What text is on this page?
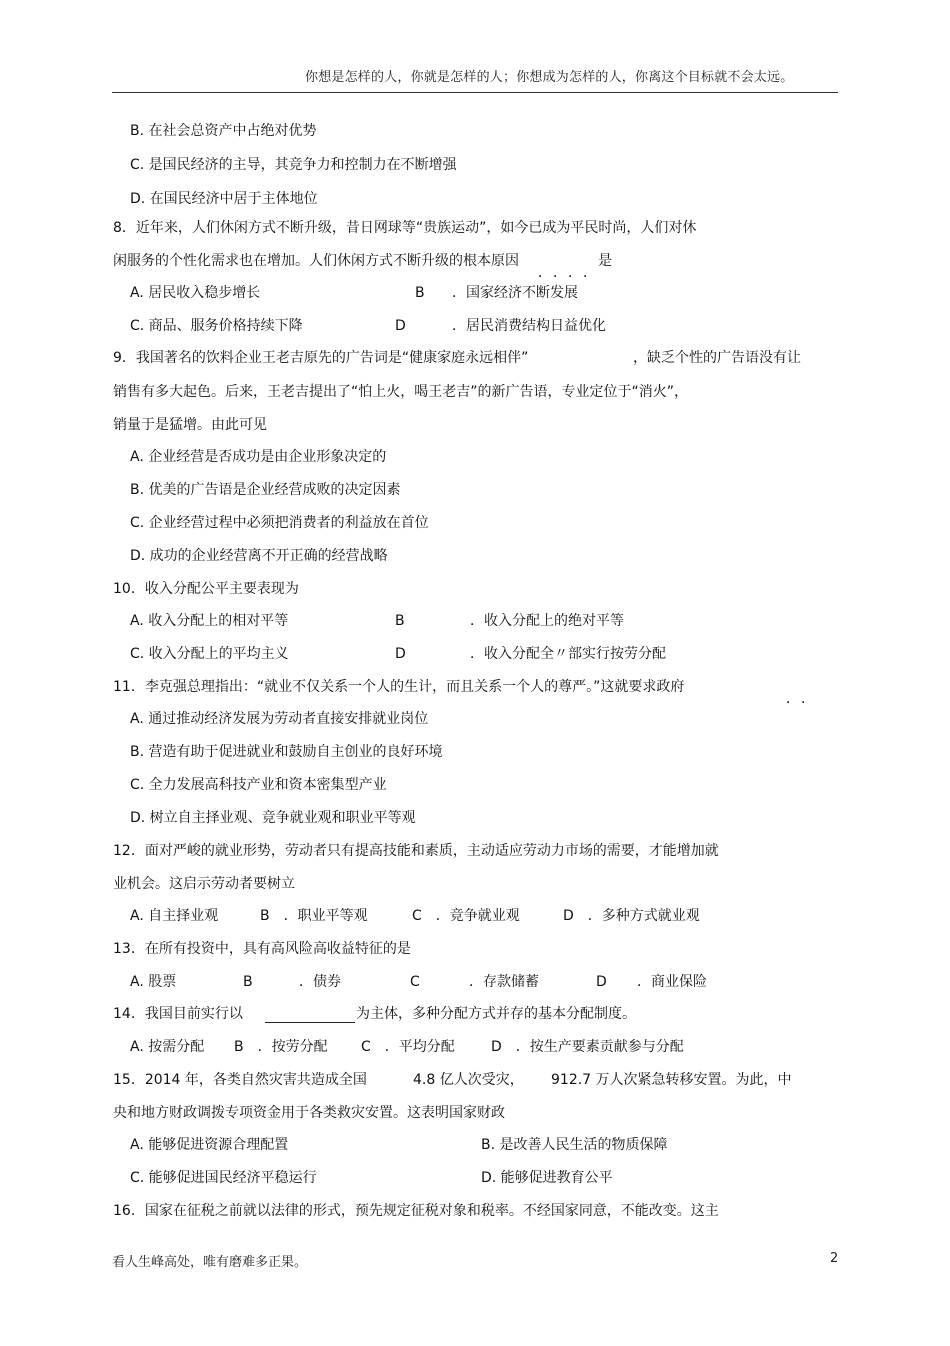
你想是怎样的人，你就是怎样的人；你想成为怎样的人，你离这个目标就不会太远。
B. 在社会总资产中占绝对优势
C. 是国民经济的主导，其竞争力和控制力在不断增强
D. 在国民经济中居于主体地位
8．近年来，人们休闲方式不断升级，昔日网球等“贵族运动”，如今已成为平民时尚，人们对休
闲服务的个性化需求也在增加。人们休闲方式不断升级的根本原因	是
A. 居民收入稳步增长	B ．国家经济不断发展
C. 商品、服务价格持续下降	D	．居民消费结构日益优化
9．我国著名的饮料企业王老吉原先的广告词是“健康家庭永远相伴”	，缺乏个性的广告语没有让
销售有多大起色。后来，王老吉提出了“怕上火，喝王老吉”的新广告语，专业定位于“消火”，
销量于是猛增。由此可见
A. 企业经营是否成功是由企业形象决定的
B. 优美的广告语是企业经营成败的决定因素
C. 企业经营过程中必须把消费者的利益放在首位
D. 成功的企业经营离不开正确的经营战略
10．收入分配公平主要表现为
A. 收入分配上的相对平等	B	．收入分配上的绝对平等
C. 收入分配上的平均主义	D	．收入分配全〃部实行按劳分配
11．李克强总理指出：“就业不仅关系一个人的生计，而且关系一个人的尊严。”这就要求政府
A. 通过推动经济发展为劳动者直接安排就业岗位
B. 营造有助于促进就业和鼓励自主创业的良好环境
C. 全力发展高科技产业和资本密集型产业
D. 树立自主择业观、竞争就业观和职业平等观
12．面对严峻的就业形势，劳动者只有提高技能和素质，主动适应劳动力市场的需要，才能增加就
业机会。这启示劳动者要树立
A. 自主择业观	B　．职业平等观	C　．竞争就业观	D　．多种方式就业观
13．在所有投资中，具有高风险高收益特征的是
A. 股票	B	．债券	C	．存款储蓄	D ．商业保险
14．我国目前实行以	为主体，多种分配方式并存的基本分配制度。
A. 按需分配 B　．按劳分配 C　．平均分配	D　．按生产要素贡献参与分配
15．2014 年，各类自然灾害共造成全国	4.8 亿人次受灾， 912.7 万人次紧急转移安置。为此，中
央和地方财政调拨专项资金用于各类救灾安置。这表明国家财政
A. 能够促进资源合理配置	B. 是改善人民生活的物质保障
C. 能够促进国民经济平稳运行	D. 能够促进教育公平
16．国家在征税之前就以法律的形式，预先规定征税对象和税率。不经国家同意，不能改变。这主
．．．．
．．
看人生峰高处，唯有磨难多正果。	2
